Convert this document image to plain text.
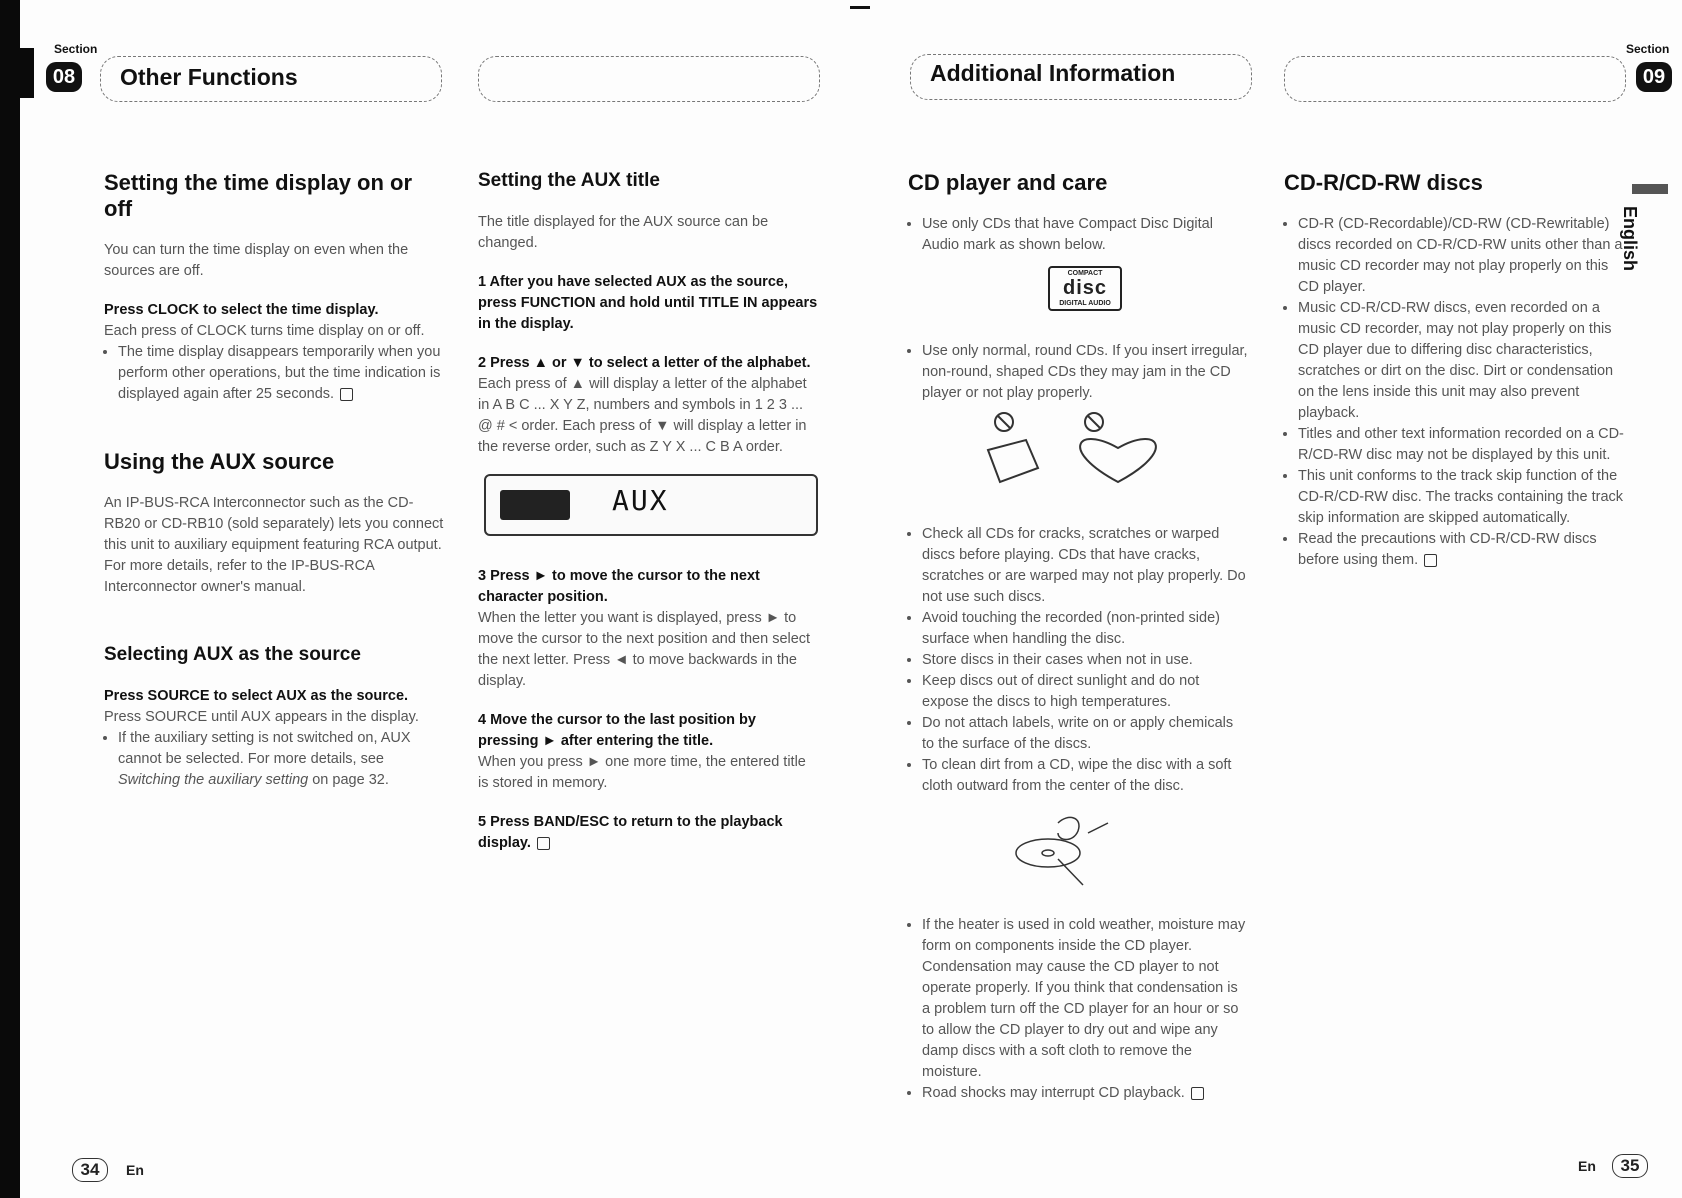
Section
08 Other Functions	Additional Information
Section
09
Setting the time display on or off

You can turn the time display on even when the sources are off.

Press CLOCK to select the time display.

Each press of CLOCK turns time display on or off.

• The time display disappears temporarily when you perform other operations, but the time indication is displayed again after 25 seconds.
Using the AUX source

An IP-BUS-RCA Interconnector such as the CD-RB20 or CD-RB10 (sold separately) lets you connect this unit to auxiliary equipment featuring RCA output. For more details, refer to the IP-BUS-RCA Interconnector owner's manual.

Selecting AUX as the source
Press SOURCE to select AUX as the source.

Press SOURCE until AUX appears in the display.

• If the auxiliary setting is not switched on, AUX cannot be selected. For more details, see Switching the auxiliary setting on page 32.
Setting the AUX title

The title displayed for the AUX source can be changed.

1 After you have selected AUX as the source, press FUNCTION and hold until TITLE IN appears in the display.
2 Press ▲ or ▼ to select a letter of the alphabet.

Each press of ▲ will display a letter of the alphabet in A B C ... X Y Z, numbers and symbols in 1 2 3 ... @ # < order. Each press of ▼ will display a letter in the reverse order, such as Z Y X ... C B A order.

AUX
3 Press ► to move the cursor to the next character position.

When the letter you want is displayed, press ► to move the cursor to the next position and then select the next letter. Press ◄ to move backwards in the display.

4 Move the cursor to the last position by pressing ► after entering the title.

When you press ► one more time, the entered title is stored in memory.

5 Press BAND/ESC to return to the playback display.
CD player and care
• Use only CDs that have Compact Disc Digital Audio mark as shown below.
COMPACT
disc
DIGITAL AUDIO
• Use only normal, round CDs. If you insert irregular, non-round, shaped CDs they may jam in the CD player or not play properly.
• Check all CDs for cracks, scratches or warped discs before playing. CDs that have cracks, scratches or are warped may not play properly. Do not use such discs.
• Avoid touching the recorded (non-printed side) surface when handling the disc.
• Store discs in their cases when not in use.
• Keep discs out of direct sunlight and do not expose the discs to high temperatures.
• Do not attach labels, write on or apply chemicals to the surface of the discs.
• To clean dirt from a CD, wipe the disc with a soft cloth outward from the center of the disc.
• If the heater is used in cold weather, moisture may form on components inside the CD player. Condensation may cause the CD player to not operate properly. If you think that condensation is a problem turn off the CD player for an hour or so to allow the CD player to dry out and wipe any damp discs with a soft cloth to remove the moisture.
• Road shocks may interrupt CD playback.
CD-R/CD-RW discs
• CD-R (CD-Recordable)/CD-RW (CD-Rewritable) discs recorded on CD-R/CD-RW units other than a music CD recorder may not play properly on this CD player.
• Music CD-R/CD-RW discs, even recorded on a music CD recorder, may not play properly on this CD player due to differing disc characteristics, scratches or dirt on the disc. Dirt or condensation on the lens inside this unit may also prevent playback.
• Titles and other text information recorded on a CD-R/CD-RW disc may not be displayed by this unit.
• This unit conforms to the track skip function of the CD-R/CD-RW disc. The tracks containing the track skip information are skipped automatically.
• Read the precautions with CD-R/CD-RW discs before using them.
English
34	En	En	35
